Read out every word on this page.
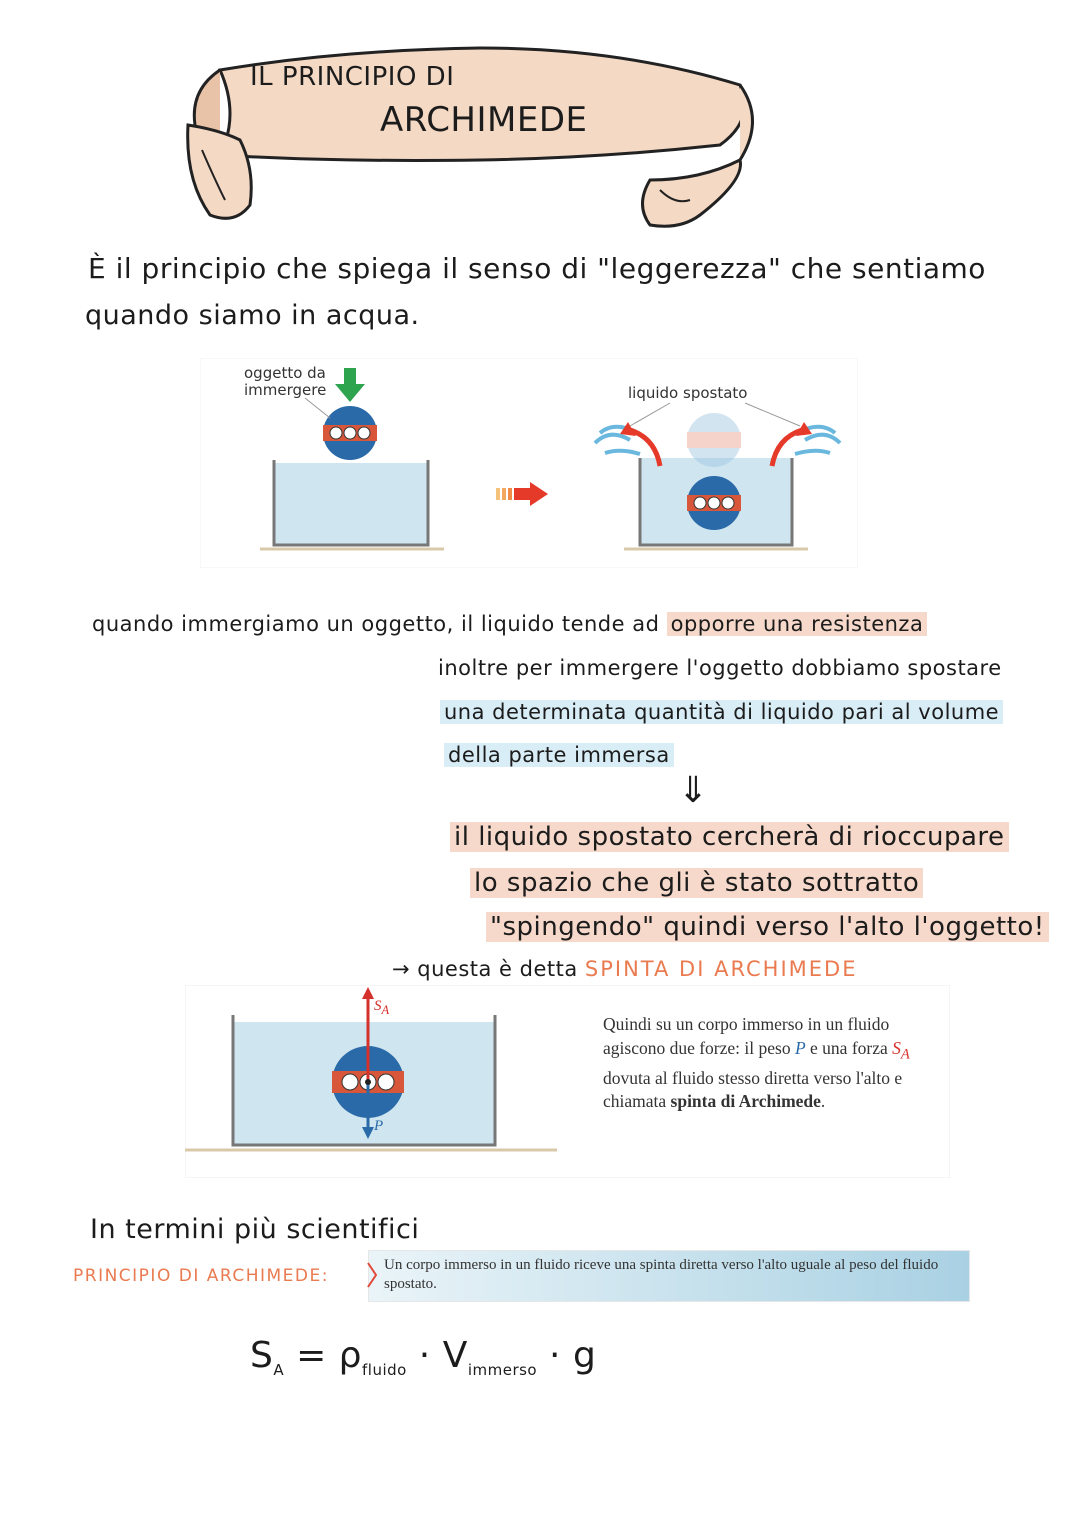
IL PRINCIPIO DI
ARCHIMEDE
È il principio che spiega il senso di "leggerezza" che sentiamo
quando siamo in acqua.
oggetto da
immergere	liquido spostato
quando immergiamo un oggetto, il liquido tende ad opporre una resistenza
inoltre per immergere l'oggetto dobbiamo spostare
una determinata quantità di liquido pari al volume
della parte immersa
⇓
il liquido spostato cercherà di rioccupare
lo spazio che gli è stato sottratto
"spingendo" quindi verso l'alto l'oggetto!
→ questa è detta SPINTA DI ARCHIMEDE
$S_A$
P
Quindi su un corpo immerso in un fluido agiscono due forze: il peso P e una forza $S_A$ dovuta al fluido stesso diretta verso l'alto e chiamata spinta di Archimede.
In termini più scientifici
PRINCIPIO DI ARCHIMEDE:
Un corpo immerso in un fluido riceve una spinta diretta verso l'alto uguale al peso del fluido spostato.
$S_A = \rho_{fluido} \cdot V_{immerso} \cdot g$
